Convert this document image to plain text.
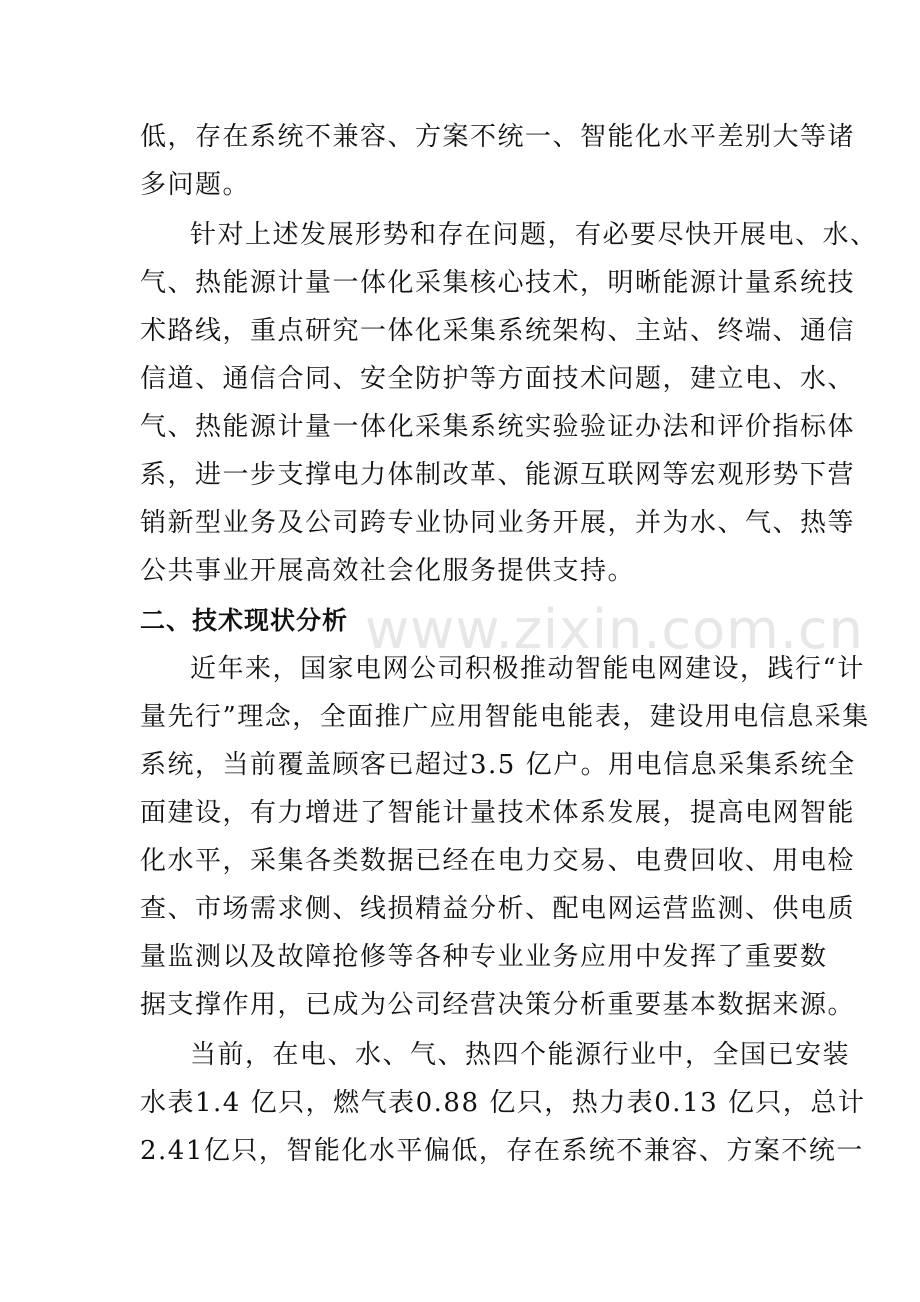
低，存在系统不兼容、方案不统一、智能化水平差别大等诸
多问题。
针对上述发展形势和存在问题，有必要尽快开展电、水、
气、热能源计量一体化采集核心技术，明晰能源计量系统技
术路线，重点研究一体化采集系统架构、主站、终端、通信
信道、通信合同、安全防护等方面技术问题，建立电、水、
气、热能源计量一体化采集系统实验验证办法和评价指标体
系，进一步支撑电力体制改革、能源互联网等宏观形势下营
销新型业务及公司跨专业协同业务开展，并为水、气、热等
公共事业开展高效社会化服务提供支持。
二、技术现状分析 www.zixin.com.cn
近年来，国家电网公司积极推动智能电网建设，践行“计
量先行”理念，全面推广应用智能电能表，建设用电信息采集
系统，当前覆盖顾客已超过3.5 亿户。用电信息采集系统全
面建设，有力增进了智能计量技术体系发展，提高电网智能
化水平，采集各类数据已经在电力交易、电费回收、用电检
查、市场需求侧、线损精益分析、配电网运营监测、供电质
量监测以及故障抢修等各种专业业务应用中发挥了重要数
据支撑作用，已成为公司经营决策分析重要基本数据来源。
当前，在电、水、气、热四个能源行业中，全国已安装
水表1.4 亿只，燃气表0.88 亿只，热力表0.13 亿只，总计
2.41亿只，智能化水平偏低，存在系统不兼容、方案不统一
